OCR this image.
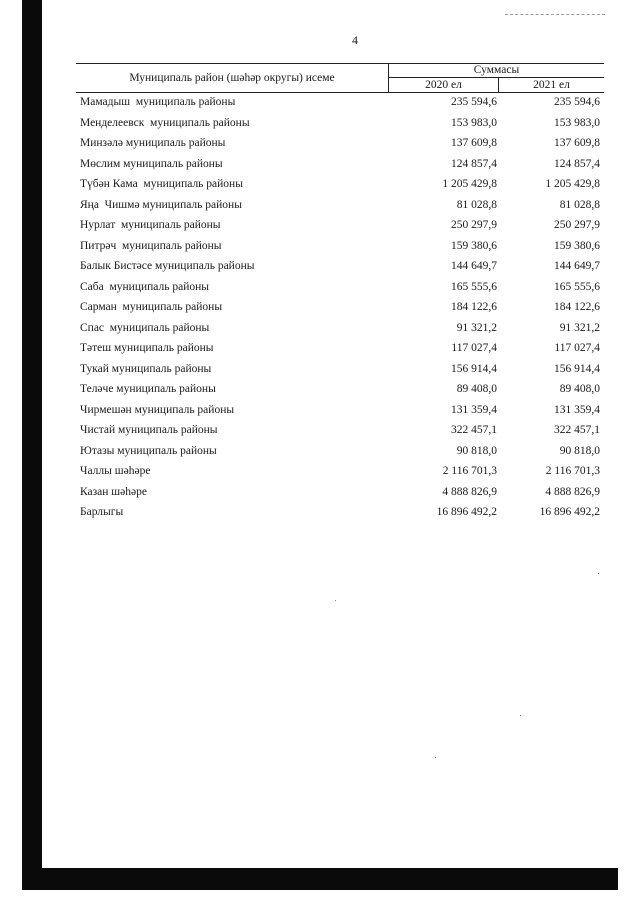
4
Муниципаль район (шәһәр округы) исеме
Суммасы
2020 ел	2021 ел
Мамадыш  муниципаль районы	235 594,6	235 594,6
Менделеевск  муниципаль районы	153 983,0	153 983,0
Минзәлә муниципаль районы	137 609,8	137 609,8
Мөслим муниципаль районы	124 857,4	124 857,4
Түбән Кама  муниципаль районы	1 205 429,8	1 205 429,8
Яңа  Чишмә муниципаль районы	81 028,8	81 028,8
Нурлат  муниципаль районы	250 297,9	250 297,9
Питрәч  муниципаль районы	159 380,6	159 380,6
Балык Бистәсе муниципаль районы	144 649,7	144 649,7
Саба  муниципаль районы	165 555,6	165 555,6
Сарман  муниципаль районы	184 122,6	184 122,6
Спас  муниципаль районы	91 321,2	91 321,2
Тәтеш муниципаль районы	117 027,4	117 027,4
Тукай муниципаль районы	156 914,4	156 914,4
Теләче муниципаль районы	89 408,0	89 408,0
Чирмешән муниципаль районы	131 359,4	131 359,4
Чистай муниципаль районы	322 457,1	322 457,1
Ютазы муниципаль районы	90 818,0	90 818,0
Чаллы шәһәре	2 116 701,3	2 116 701,3
Казан шәһәре	4 888 826,9	4 888 826,9
Барлыгы	16 896 492,2	16 896 492,2
